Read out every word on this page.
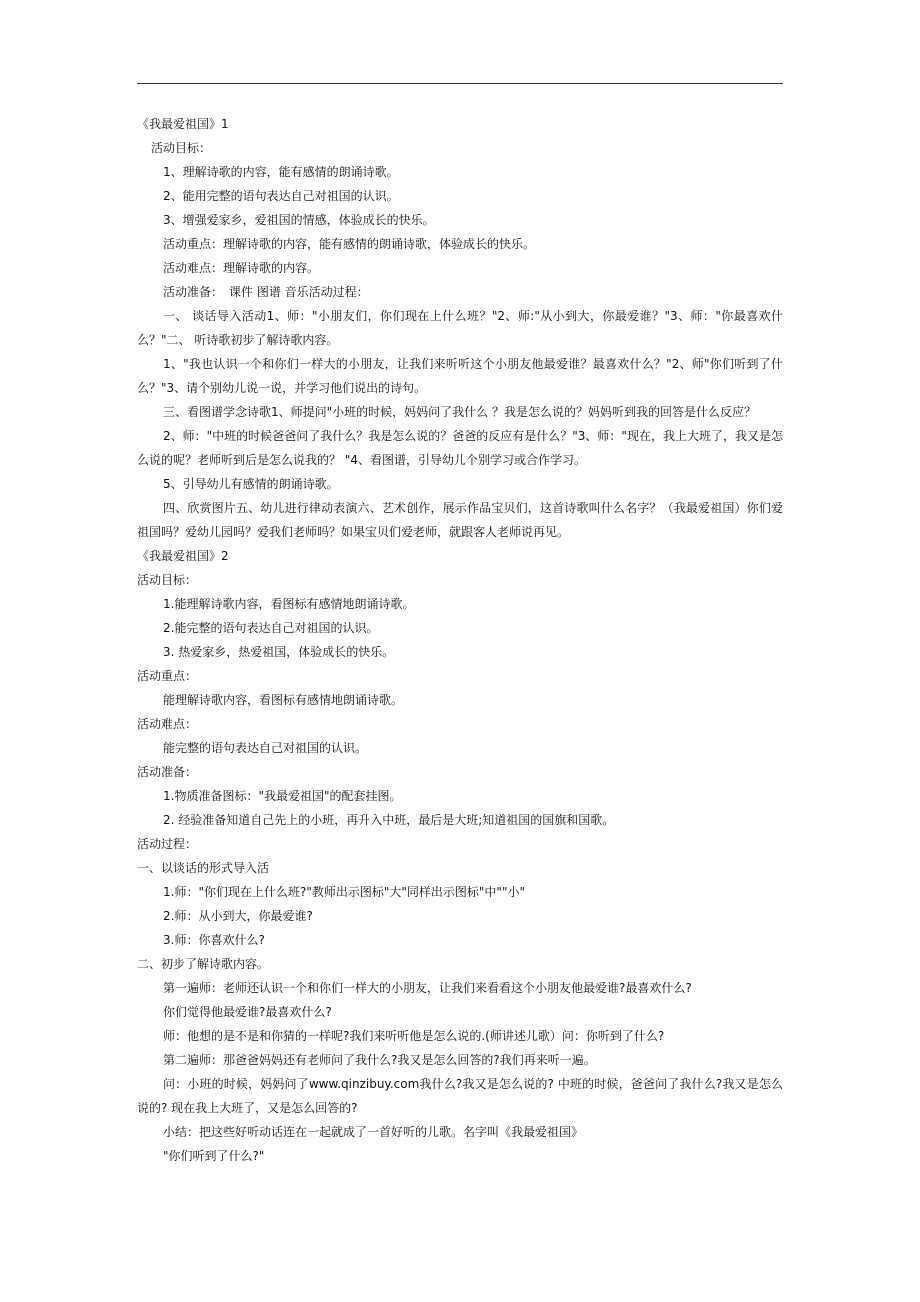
《我最爱祖国》1
活动目标：
1、理解诗歌的内容，能有感情的朗诵诗歌。
2、能用完整的语句表达自己对祖国的认识。
3、增强爱家乡，爱祖国的情感，体验成长的快乐。
活动重点：理解诗歌的内容，能有感情的朗诵诗歌，体验成长的快乐。
活动难点：理解诗歌的内容。
活动准备：　课件 图谱 音乐活动过程：
一、 谈话导入活动1、师："小朋友们，你们现在上什么班？"2、师:"从小到大，你最爱谁？"3、师："你最喜欢什么？"二、 听诗歌初步了解诗歌内容。
1、"我也认识一个和你们一样大的小朋友，让我们来听听这个小朋友他最爱谁？最喜欢什么？"2、师"你们听到了什么？"3、请个别幼儿说一说，并学习他们说出的诗句。
三、看图谱学念诗歌1、师提问"小班的时候，妈妈问了我什么 ？我是怎么说的？妈妈听到我的回答是什么反应？
2、师："中班的时候爸爸问了我什么？我是怎么说的？爸爸的反应有是什么？"3、师："现在，我上大班了，我又是怎么说的呢？老师听到后是怎么说我的？ "4、看图谱，引导幼儿个别学习或合作学习。
5、引导幼儿有感情的朗诵诗歌。
四、欣赏图片五、幼儿进行律动表演六、艺术创作，展示作品宝贝们，这首诗歌叫什么名字？（我最爱祖国）你们爱祖国吗？爱幼儿园吗？爱我们老师吗？如果宝贝们爱老师，就跟客人老师说再见。
《我最爱祖国》2
活动目标：
1.能理解诗歌内容，看图标有感情地朗诵诗歌。
2.能完整的语句表达自己对祖国的认识。
3. 热爱家乡，热爱祖国，体验成长的快乐。
活动重点：
能理解诗歌内容，看图标有感情地朗诵诗歌。
活动难点：
能完整的语句表达自己对祖国的认识。
活动准备：
1.物质准备图标："我最爱祖国"的配套挂图。
2. 经验准备知道自己先上的小班，再升入中班，最后是大班;知道祖国的国旗和国歌。
活动过程：
一、以谈话的形式导入活
1.师："你们现在上什么班?"教师出示图标"大"同样出示图标"中""小"
2.师：从小到大，你最爱谁?
3.师：你喜欢什么?
二、初步了解诗歌内容。
第一遍师：老师还认识一个和你们一样大的小朋友，让我们来看看这个小朋友他最爱谁?最喜欢什么?
你们觉得他最爱谁?最喜欢什么?
师：他想的是不是和你猜的一样呢?我们来听听他是怎么说的.(师讲述儿歌）问：你听到了什么?
第二遍师：那爸爸妈妈还有老师问了我什么?我又是怎么回答的?我们再来听一遍。
问：小班的时候，妈妈问了www.qinzibuy.com我什么?我又是怎么说的? 中班的时候，爸爸问了我什么?我又是怎么说的? 现在我上大班了，又是怎么回答的?
小结：把这些好听动话连在一起就成了一首好听的儿歌。名字叫《我最爱祖国》
"你们听到了什么?"
